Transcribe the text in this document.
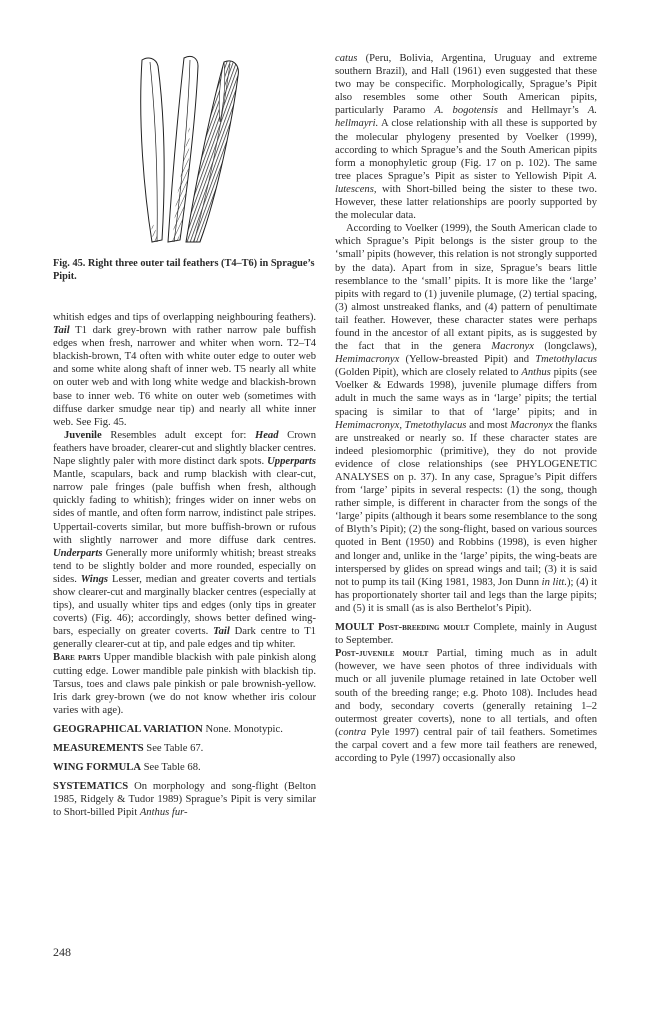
Fig. 45. Right three outer tail feathers (T4–T6) in Sprague’s Pipit.

whitish edges and tips of overlapping neighbouring feathers). Tail T1 dark grey-brown with rather narrow pale buffish edges when fresh, narrower and whiter when worn. T2–T4 blackish-brown, T4 often with white outer edge to outer web and some white along shaft of inner web. T5 nearly all white on outer web and with long white wedge and blackish-brown base to inner web. T6 white on outer web (sometimes with diffuse darker smudge near tip) and nearly all white inner web. See Fig. 45.

Juvenile Resembles adult except for: Head Crown feathers have broader, clearer-cut and slightly blacker centres. Nape slightly paler with more distinct dark spots. Upperparts Mantle, scapulars, back and rump blackish with clear-cut, narrow pale fringes (pale buffish when fresh, although quickly fading to whitish); fringes wider on inner webs on sides of mantle, and often form narrow, indistinct pale stripes. Uppertail-coverts similar, but more buffish-brown or rufous with slightly narrower and more diffuse dark centres. Underparts Generally more uniformly whitish; breast streaks tend to be slightly bolder and more rounded, especially on sides. Wings Lesser, median and greater coverts and tertials show clearer-cut and marginally blacker centres (especially at tips), and usually whiter tips and edges (only tips in greater coverts) (Fig. 46); accordingly, shows better defined wing-bars, especially on greater coverts. Tail Dark centre to T1 generally clearer-cut at tip, and pale edges and tip whiter.

Bare parts Upper mandible blackish with pale pinkish along cutting edge. Lower mandible pale pinkish with blackish tip. Tarsus, toes and claws pale pinkish or pale brownish-yellow. Iris dark grey-brown (we do not know whether iris colour varies with age).

GEOGRAPHICAL VARIATION None. Monotypic.

MEASUREMENTS See Table 67.

WING FORMULA See Table 68.

SYSTEMATICS On morphology and song-flight (Belton 1985, Ridgely & Tudor 1989) Sprague’s Pipit is very similar to Short-billed Pipit Anthus fur-

catus (Peru, Bolivia, Argentina, Uruguay and extreme southern Brazil), and Hall (1961) even suggested that these two may be conspecific. Morphologically, Sprague’s Pipit also resembles some other South American pipits, particularly Paramo A. bogotensis and Hellmayr’s A. hellmayri. A close relationship with all these is supported by the molecular phylogeny presented by Voelker (1999), according to which Sprague’s and the South American pipits form a monophyletic group (Fig. 17 on p. 102). The same tree places Sprague’s Pipit as sister to Yellowish Pipit A. lutescens, with Short-billed being the sister to these two. However, these latter relationships are poorly supported by the molecular data.

According to Voelker (1999), the South American clade to which Sprague’s Pipit belongs is the sister group to the ‘small’ pipits (however, this relation is not strongly supported by the data). Apart from in size, Sprague’s bears little resemblance to the ‘small’ pipits. It is more like the ‘large’ pipits with regard to (1) juvenile plumage, (2) tertial spacing, (3) almost unstreaked flanks, and (4) pattern of penultimate tail feather. However, these character states were perhaps found in the ancestor of all extant pipits, as is suggested by the fact that in the genera Macronyx (longclaws), Hemimacronyx (Yellow-breasted Pipit) and Tmetothylacus (Golden Pipit), which are closely related to Anthus pipits (see Voelker & Edwards 1998), juvenile plumage differs from adult in much the same ways as in ‘large’ pipits; the tertial spacing is similar to that of ‘large’ pipits; and in Hemimacronyx, Tmetothylacus and most Macronyx the flanks are unstreaked or nearly so. If these character states are indeed plesiomorphic (primitive), they do not provide evidence of close relationships (see PHYLOGENETIC ANALYSES on p. 37). In any case, Sprague’s Pipit differs from ‘large’ pipits in several respects: (1) the song, though rather simple, is different in character from the songs of the ‘large’ pipits (although it bears some resemblance to the song of Blyth’s Pipit); (2) the song-flight, based on various sources quoted in Bent (1950) and Robbins (1998), is even higher and longer and, unlike in the ‘large’ pipits, the wing-beats are interspersed by glides on spread wings and tail; (3) it is said not to pump its tail (King 1981, 1983, Jon Dunn in litt.); (4) it has proportionately shorter tail and legs than the large pipits; and (5) it is small (as is also Berthelot’s Pipit).

MOULT Post-breeding moult Complete, mainly in August to September.

Post-juvenile moult Partial, timing much as in adult (however, we have seen photos of three individuals with much or all juvenile plumage retained in late October well south of the breeding range; e.g. Photo 108). Includes head and body, secondary coverts (generally retaining 1–2 outermost greater coverts), none to all tertials, and often (contra Pyle 1997) central pair of tail feathers. Sometimes the carpal covert and a few more tail feathers are renewed, according to Pyle (1997) occasionally also

248
